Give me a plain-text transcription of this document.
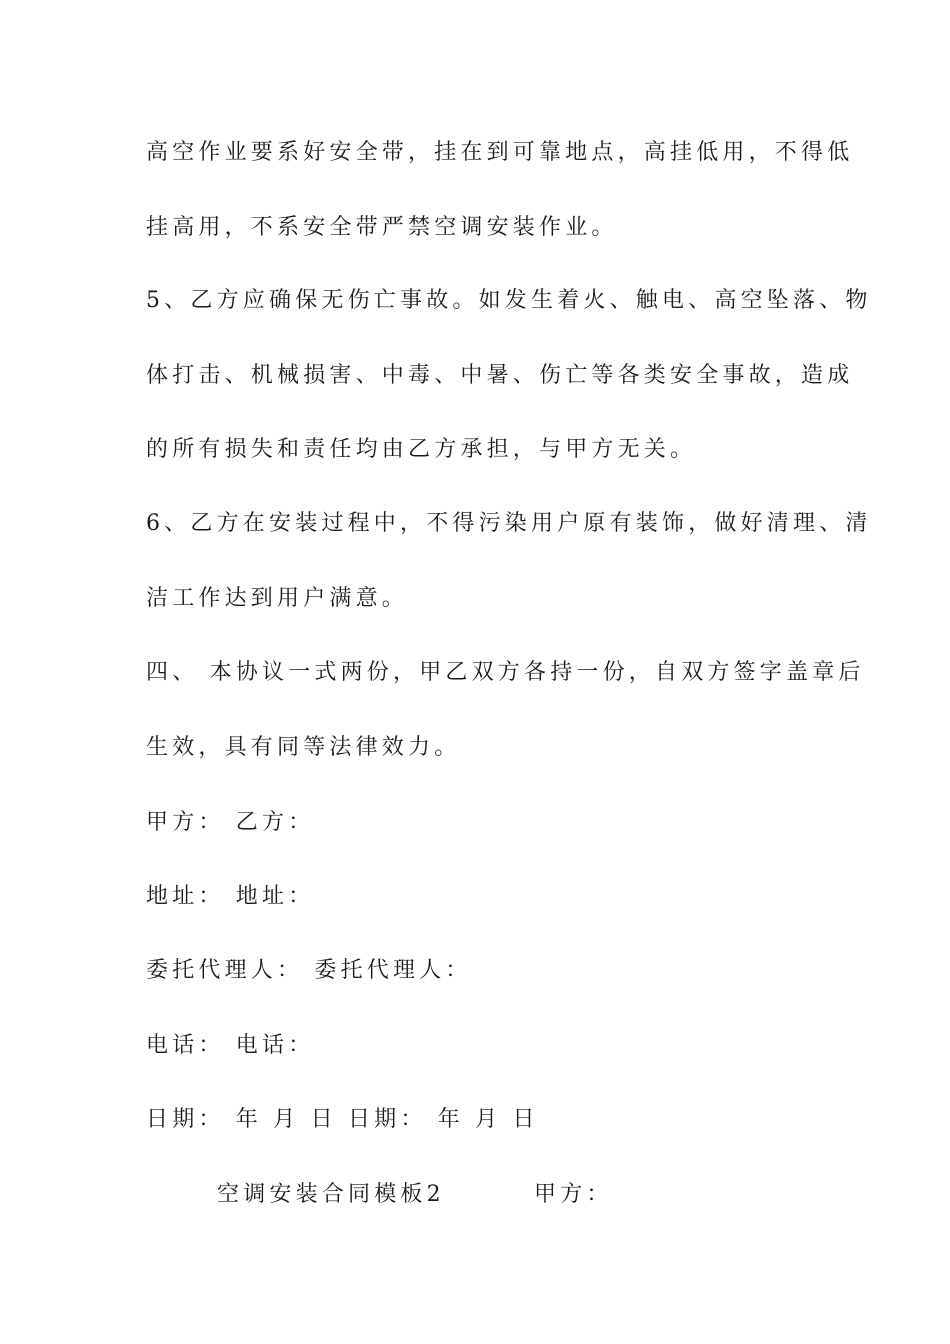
高空作业要系好安全带，挂在到可靠地点，高挂低用，不得低
挂高用，不系安全带严禁空调安装作业。
5、乙方应确保无伤亡事故。如发生着火、触电、高空坠落、物
体打击、机械损害、中毒、中暑、伤亡等各类安全事故，造成
的所有损失和责任均由乙方承担，与甲方无关。
6、乙方在安装过程中，不得污染用户原有装饰，做好清理、清
洁工作达到用户满意。
四、 本协议一式两份，甲乙双方各持一份，自双方签字盖章后
生效，具有同等法律效力。
甲方： 乙方：
地址： 地址：
委托代理人： 委托代理人：
电话： 电话：
日期： 年 月 日 日期： 年 月 日
空调安装合同模板2	甲方：
